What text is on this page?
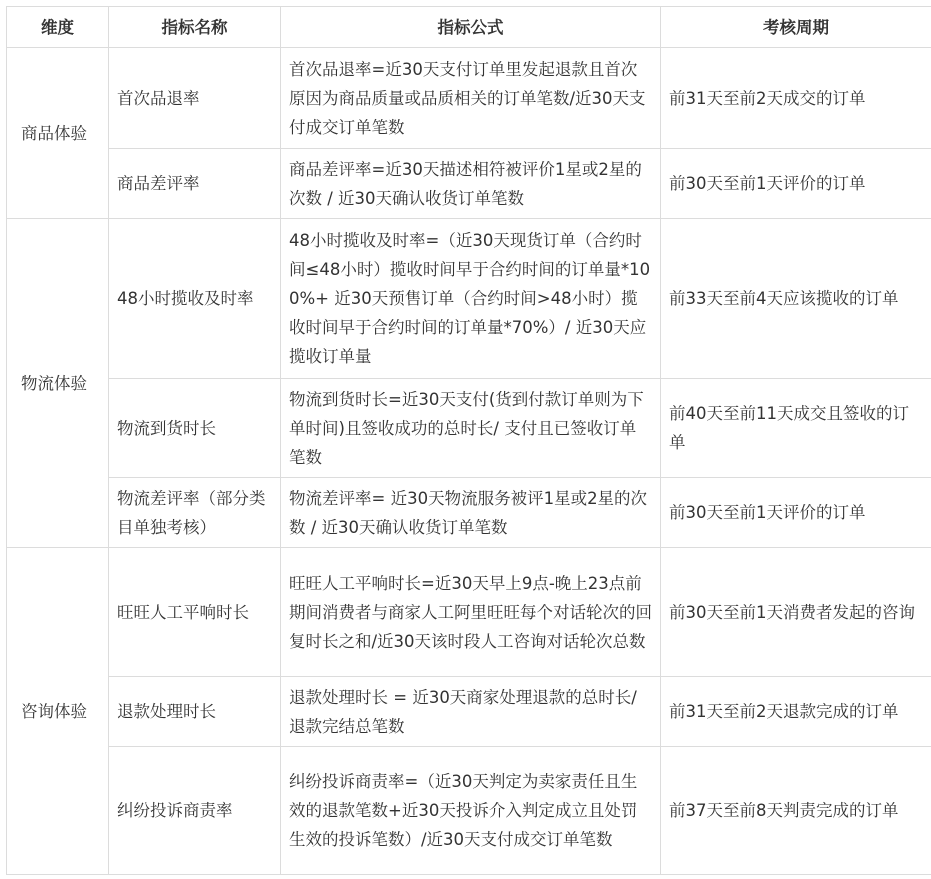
维度	指标名称	指标公式	考核周期
商品体验	首次品退率	首次品退率=近30天支付订单里发起退款且首次原因为商品质量或品质相关的订单笔数/近30天支付成交订单笔数	前31天至前2天成交的订单
	商品差评率	商品差评率=近30天描述相符被评价1星或2星的次数 / 近30天确认收货订单笔数	前30天至前1天评价的订单
物流体验	48小时揽收及时率	48小时揽收及时率=（近30天现货订单（合约时间≤48小时）揽收时间早于合约时间的订单量*100%+ 近30天预售订单（合约时间>48小时）揽收时间早于合约时间的订单量*70%）/ 近30天应揽收订单量	前33天至前4天应该揽收的订单
	物流到货时长	物流到货时长=近30天支付(货到付款订单则为下单时间)且签收成功的总时长/ 支付且已签收订单笔数	前40天至前11天成交且签收的订单
	物流差评率（部分类目单独考核）	物流差评率= 近30天物流服务被评1星或2星的次数 / 近30天确认收货订单笔数	前30天至前1天评价的订单
咨询体验	旺旺人工平响时长	旺旺人工平响时长=近30天早上9点-晚上23点前期间消费者与商家人工阿里旺旺每个对话轮次的回复时长之和/近30天该时段人工咨询对话轮次总数	前30天至前1天消费者发起的咨询
	退款处理时长	退款处理时长 = 近30天商家处理退款的总时长/退款完结总笔数	前31天至前2天退款完成的订单
	纠纷投诉商责率	纠纷投诉商责率=（近30天判定为卖家责任且生效的退款笔数+近30天投诉介入判定成立且处罚生效的投诉笔数）/近30天支付成交订单笔数	前37天至前8天判责完成的订单
